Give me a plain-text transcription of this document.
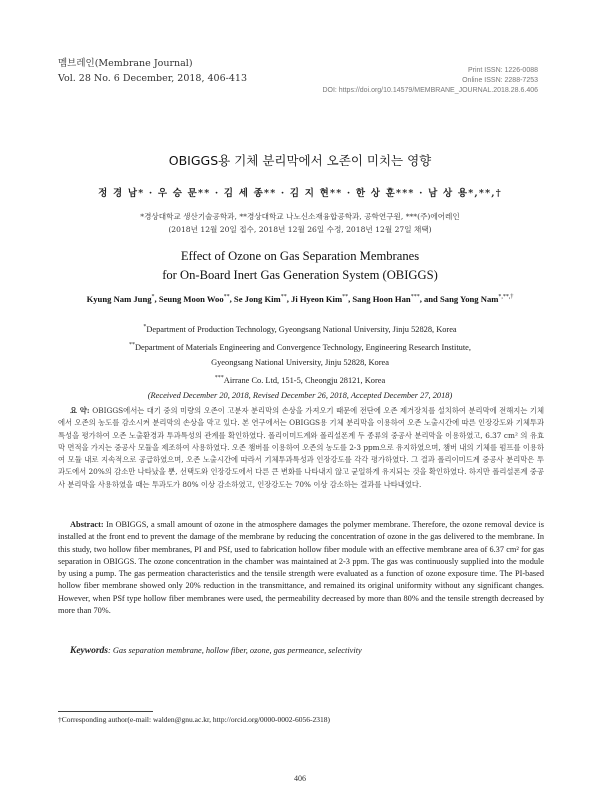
멤브레인(Membrane Journal)
Vol. 28 No. 6 December, 2018, 406-413
Print ISSN: 1226-0088
Online ISSN: 2288-7253
DOI: https://doi.org/10.14579/MEMBRANE_JOURNAL.2018.28.6.406
OBIGGS용 기체 분리막에서 오존이 미치는 영향
정 경 남* · 우 승 문** · 김 세 종** · 김 지 현** · 한 상 훈*** · 남 상 용*,**,†
*경상대학교 생산기술공학과, **경상대학교 나노신소재융합공학과, 공학연구원, ***(주)에어레인
(2018년 12월 20일 접수, 2018년 12월 26일 수정, 2018년 12월 27일 채택)
Effect of Ozone on Gas Separation Membranes
for On-Board Inert Gas Generation System (OBIGGS)
Kyung Nam Jung*, Seung Moon Woo**, Se Jong Kim**, Ji Hyeon Kim**, Sang Hoon Han***, and Sang Yong Nam*,**,†
*Department of Production Technology, Gyeongsang National University, Jinju 52828, Korea
**Department of Materials Engineering and Convergence Technology, Engineering Research Institute,
Gyeongsang National University, Jinju 52828, Korea
***Airrane Co. Ltd, 151-5, Cheongju 28121, Korea
(Received December 20, 2018, Revised December 26, 2018, Accepted December 27, 2018)
요 약: OBIGGS에서는 대기 중의 미량의 오존이 고분자 분리막의 손상을 가져오기 때문에 전단에 오존 제거장치를 설치하여 분리막에 전해지는 기체에서 오존의 농도를 감소시켜 분리막의 손상을 막고 있다. 본 연구에서는 OBIGGS용 기체 분리막을 이용하여 오존 노출시간에 따른 인장강도와 기체투과특성을 평가하여 오존 노출환경과 투과특성의 관계를 확인하였다. 폴리이미드계와 폴리설폰계 두 종류의 중공사 분리막을 이용하였고, 6.37 cm² 의 유효 막 면적을 가지는 중공사 모듈을 제조하여 사용하였다. 오존 챔버를 이용하여 오존의 농도를 2-3 ppm으로 유지하였으며, 챔버 내의 기체를 펌프를 이용하여 모듈 내로 지속적으로 공급하였으며, 오존 노출시간에 따라서 기체투과특성과 인장강도를 각각 평가하였다. 그 결과 폴리이미드계 중공사 분리막은 투과도에서 20%의 감소만 나타났을 뿐, 선택도와 인장강도에서 다른 큰 변화를 나타내지 않고 균일하게 유지되는 것을 확인하였다. 하지만 폴리설폰계 중공사 분리막을 사용하였을 때는 투과도가 80% 이상 감소하였고, 인장강도는 70% 이상 감소하는 결과를 나타내었다.
Abstract: In OBIGGS, a small amount of ozone in the atmosphere damages the polymer membrane. Therefore, the ozone removal device is installed at the front end to prevent the damage of the membrane by reducing the concentration of ozone in the gas delivered to the membrane. In this study, two hollow fiber membranes, PI and PSf, used to fabrication hollow fiber module with an effective membrane area of 6.37 cm² for gas separation in OBIGGS. The ozone concentration in the chamber was maintained at 2-3 ppm. The gas was continuously supplied into the module by using a pump. The gas permeation characteristics and the tensile strength were evaluated as a function of ozone exposure time. The PI-based hollow fiber membrane showed only 20% reduction in the transmittance, and remained its original uniformity without any significant changes. However, when PSf type hollow fiber membranes were used, the permeability decreased by more than 80% and the tensile strength decreased by more than 70%.
Keywords: Gas separation membrane, hollow fiber, ozone, gas permeance, selectivity
†Corresponding author(e-mail: walden@gnu.ac.kr, http://orcid.org/0000-0002-6056-2318)
406
